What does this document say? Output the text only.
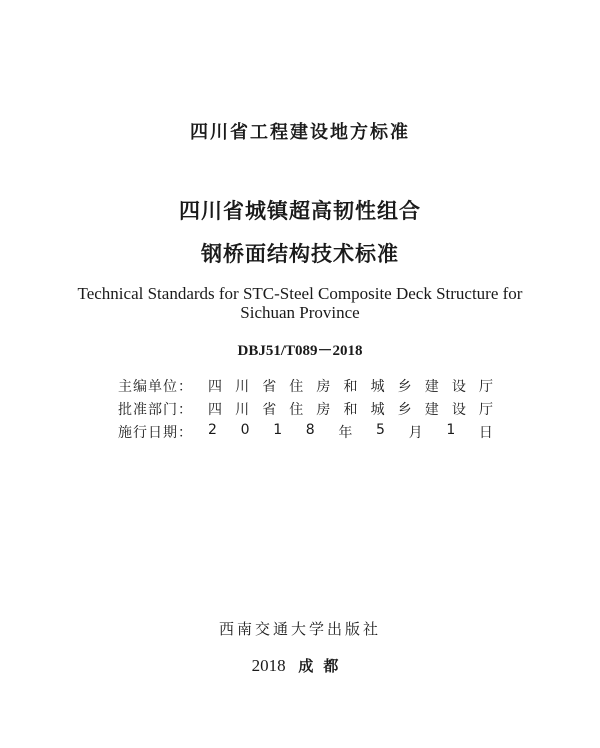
四川省工程建设地方标准
四川省城镇超高韧性组合
钢桥面结构技术标准
Technical Standards for STC-Steel Composite Deck Structure for
Sichuan Province
DBJ51/T089－2018
主编单位：	四 川 省 住 房 和 城 乡 建 设 厅
批准部门：	四 川 省 住 房 和 城 乡 建 设 厅
施行日期：	2 0 1 8 年 5 月 1 日
西南交通大学出版社
2018 成都
